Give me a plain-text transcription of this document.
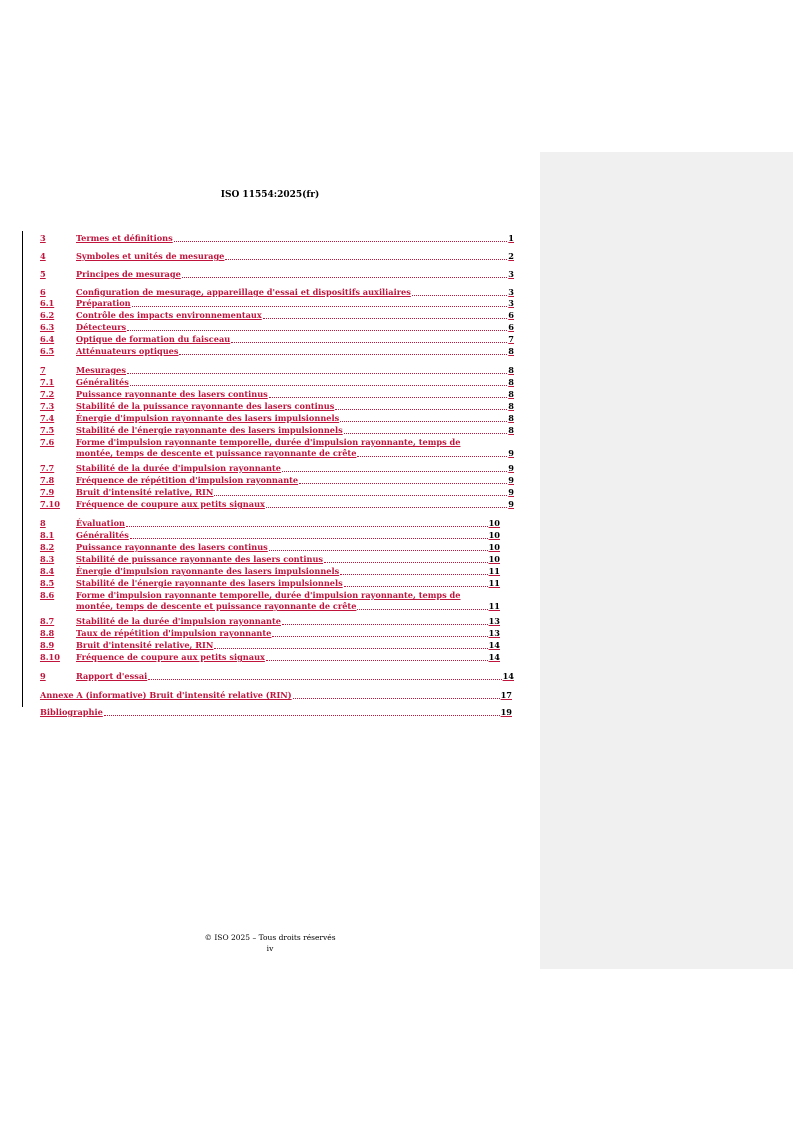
ISO 11554:2025(fr)
3	Termes et définitions	1
4	Symboles et unités de mesurage	2
5	Principes de mesurage	3
6	Configuration de mesurage, appareillage d'essai et dispositifs auxiliaires	3
6.1	Préparation	3
6.2	Contrôle des impacts environnementaux	6
6.3	Détecteurs	6
6.4	Optique de formation du faisceau	7
6.5	Atténuateurs optiques	8
7	Mesurages	8
7.1	Généralités	8
7.2	Puissance rayonnante des lasers continus	8
7.3	Stabilité de la puissance rayonnante des lasers continus	8
7.4	Énergie d'impulsion rayonnante des lasers impulsionnels	8
7.5	Stabilité de l'énergie rayonnante des lasers impulsionnels	8
7.6	Forme d'impulsion rayonnante temporelle, durée d'impulsion rayonnante, temps de
montée, temps de descente et puissance rayonnante de crête	9
7.7	Stabilité de la durée d'impulsion rayonnante	9
7.8	Fréquence de répétition d'impulsion rayonnante	9
7.9	Bruit d'intensité relative, RIN	9
7.10	Fréquence de coupure aux petits signaux	9
8	Évaluation	10
8.1	Généralités	10
8.2	Puissance rayonnante des lasers continus	10
8.3	Stabilité de puissance rayonnante des lasers continus	10
8.4	Énergie d'impulsion rayonnante des lasers impulsionnels	11
8.5	Stabilité de l'énergie rayonnante des lasers impulsionnels	11
8.6	Forme d'impulsion rayonnante temporelle, durée d'impulsion rayonnante, temps de
montée, temps de descente et puissance rayonnante de crête	11
8.7	Stabilité de la durée d'impulsion rayonnante	13
8.8	Taux de répétition d'impulsion rayonnante	13
8.9	Bruit d'intensité relative, RIN	14
8.10	Fréquence de coupure aux petits signaux	14
9	Rapport d'essai	14
Annexe A (informative) Bruit d'intensité relative (RIN)	17
Bibliographie	19
© ISO 2025 – Tous droits réservés
iv
